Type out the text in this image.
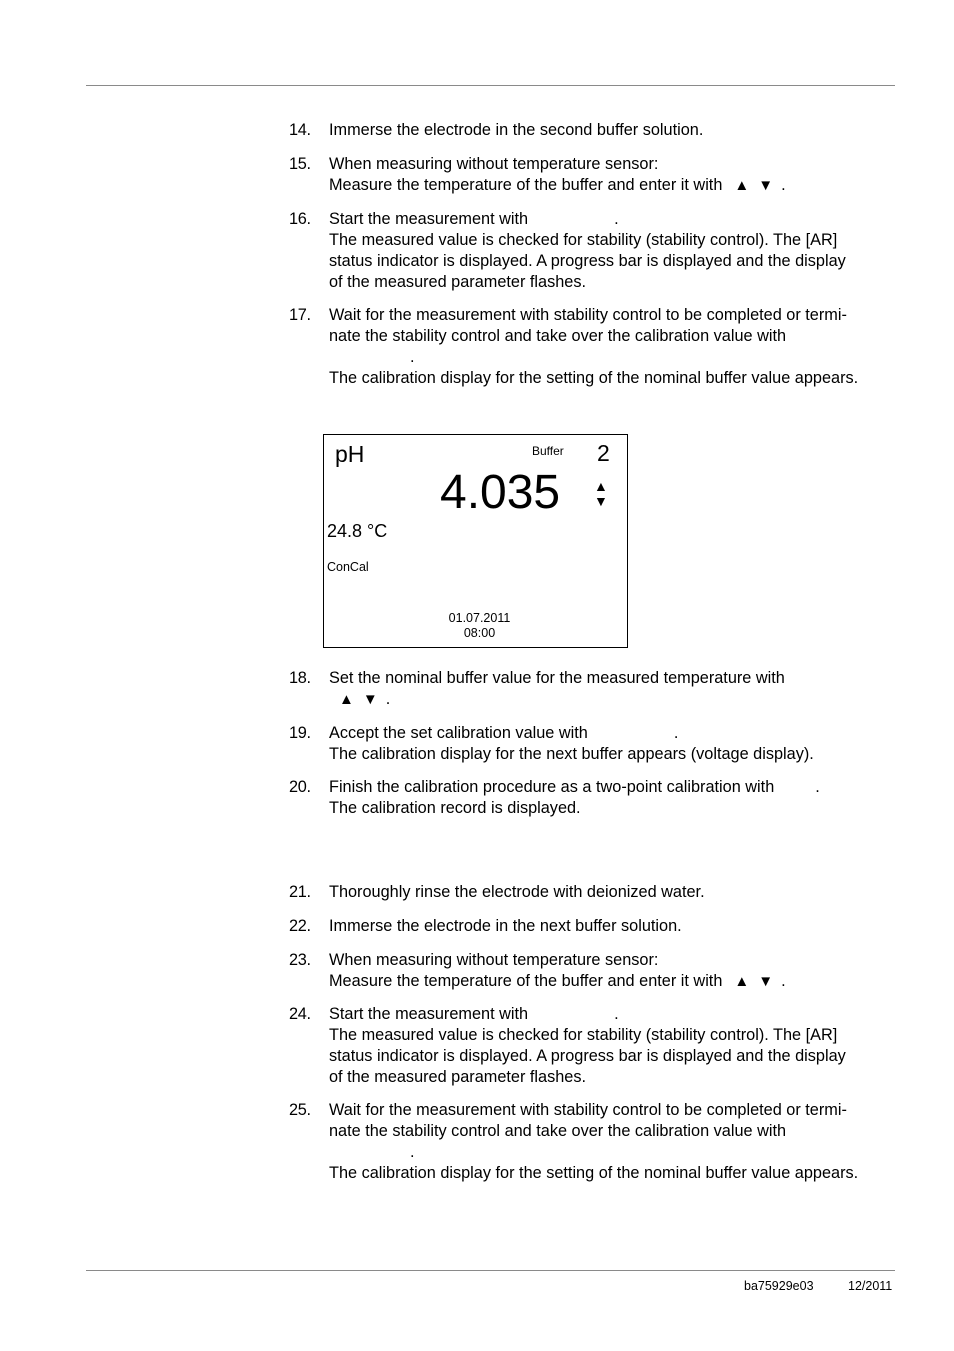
14. Immerse the electrode in the second buffer solution.
15. When measuring without temperature sensor:
Measure the temperature of the buffer and enter it with ▲ ▼ .
16. Start the measurement with	.
The measured value is checked for stability (stability control). The [AR]
status indicator is displayed. A progress bar is displayed and the display
of the measured parameter flashes.
17. Wait for the measurement with stability control to be completed or termi-
nate the stability control and take over the calibration value with
.
The calibration display for the setting of the nominal buffer value appears.
pH	Buffer 2
4.035 ▲
▼
24.8 °C
ConCal
01.07.2011
08:00
18. Set the nominal buffer value for the measured temperature with
▲ ▼ .
19. Accept the set calibration value with	.
The calibration display for the next buffer appears (voltage display).
20. Finish the calibration procedure as a two-point calibration with	.
The calibration record is displayed.
21. Thoroughly rinse the electrode with deionized water.
22. Immerse the electrode in the next buffer solution.
23. When measuring without temperature sensor:
Measure the temperature of the buffer and enter it with ▲ ▼ .
24. Start the measurement with	.
The measured value is checked for stability (stability control). The [AR]
status indicator is displayed. A progress bar is displayed and the display
of the measured parameter flashes.
25. Wait for the measurement with stability control to be completed or termi-
nate the stability control and take over the calibration value with
.
The calibration display for the setting of the nominal buffer value appears.
ba75929e03	12/2011
